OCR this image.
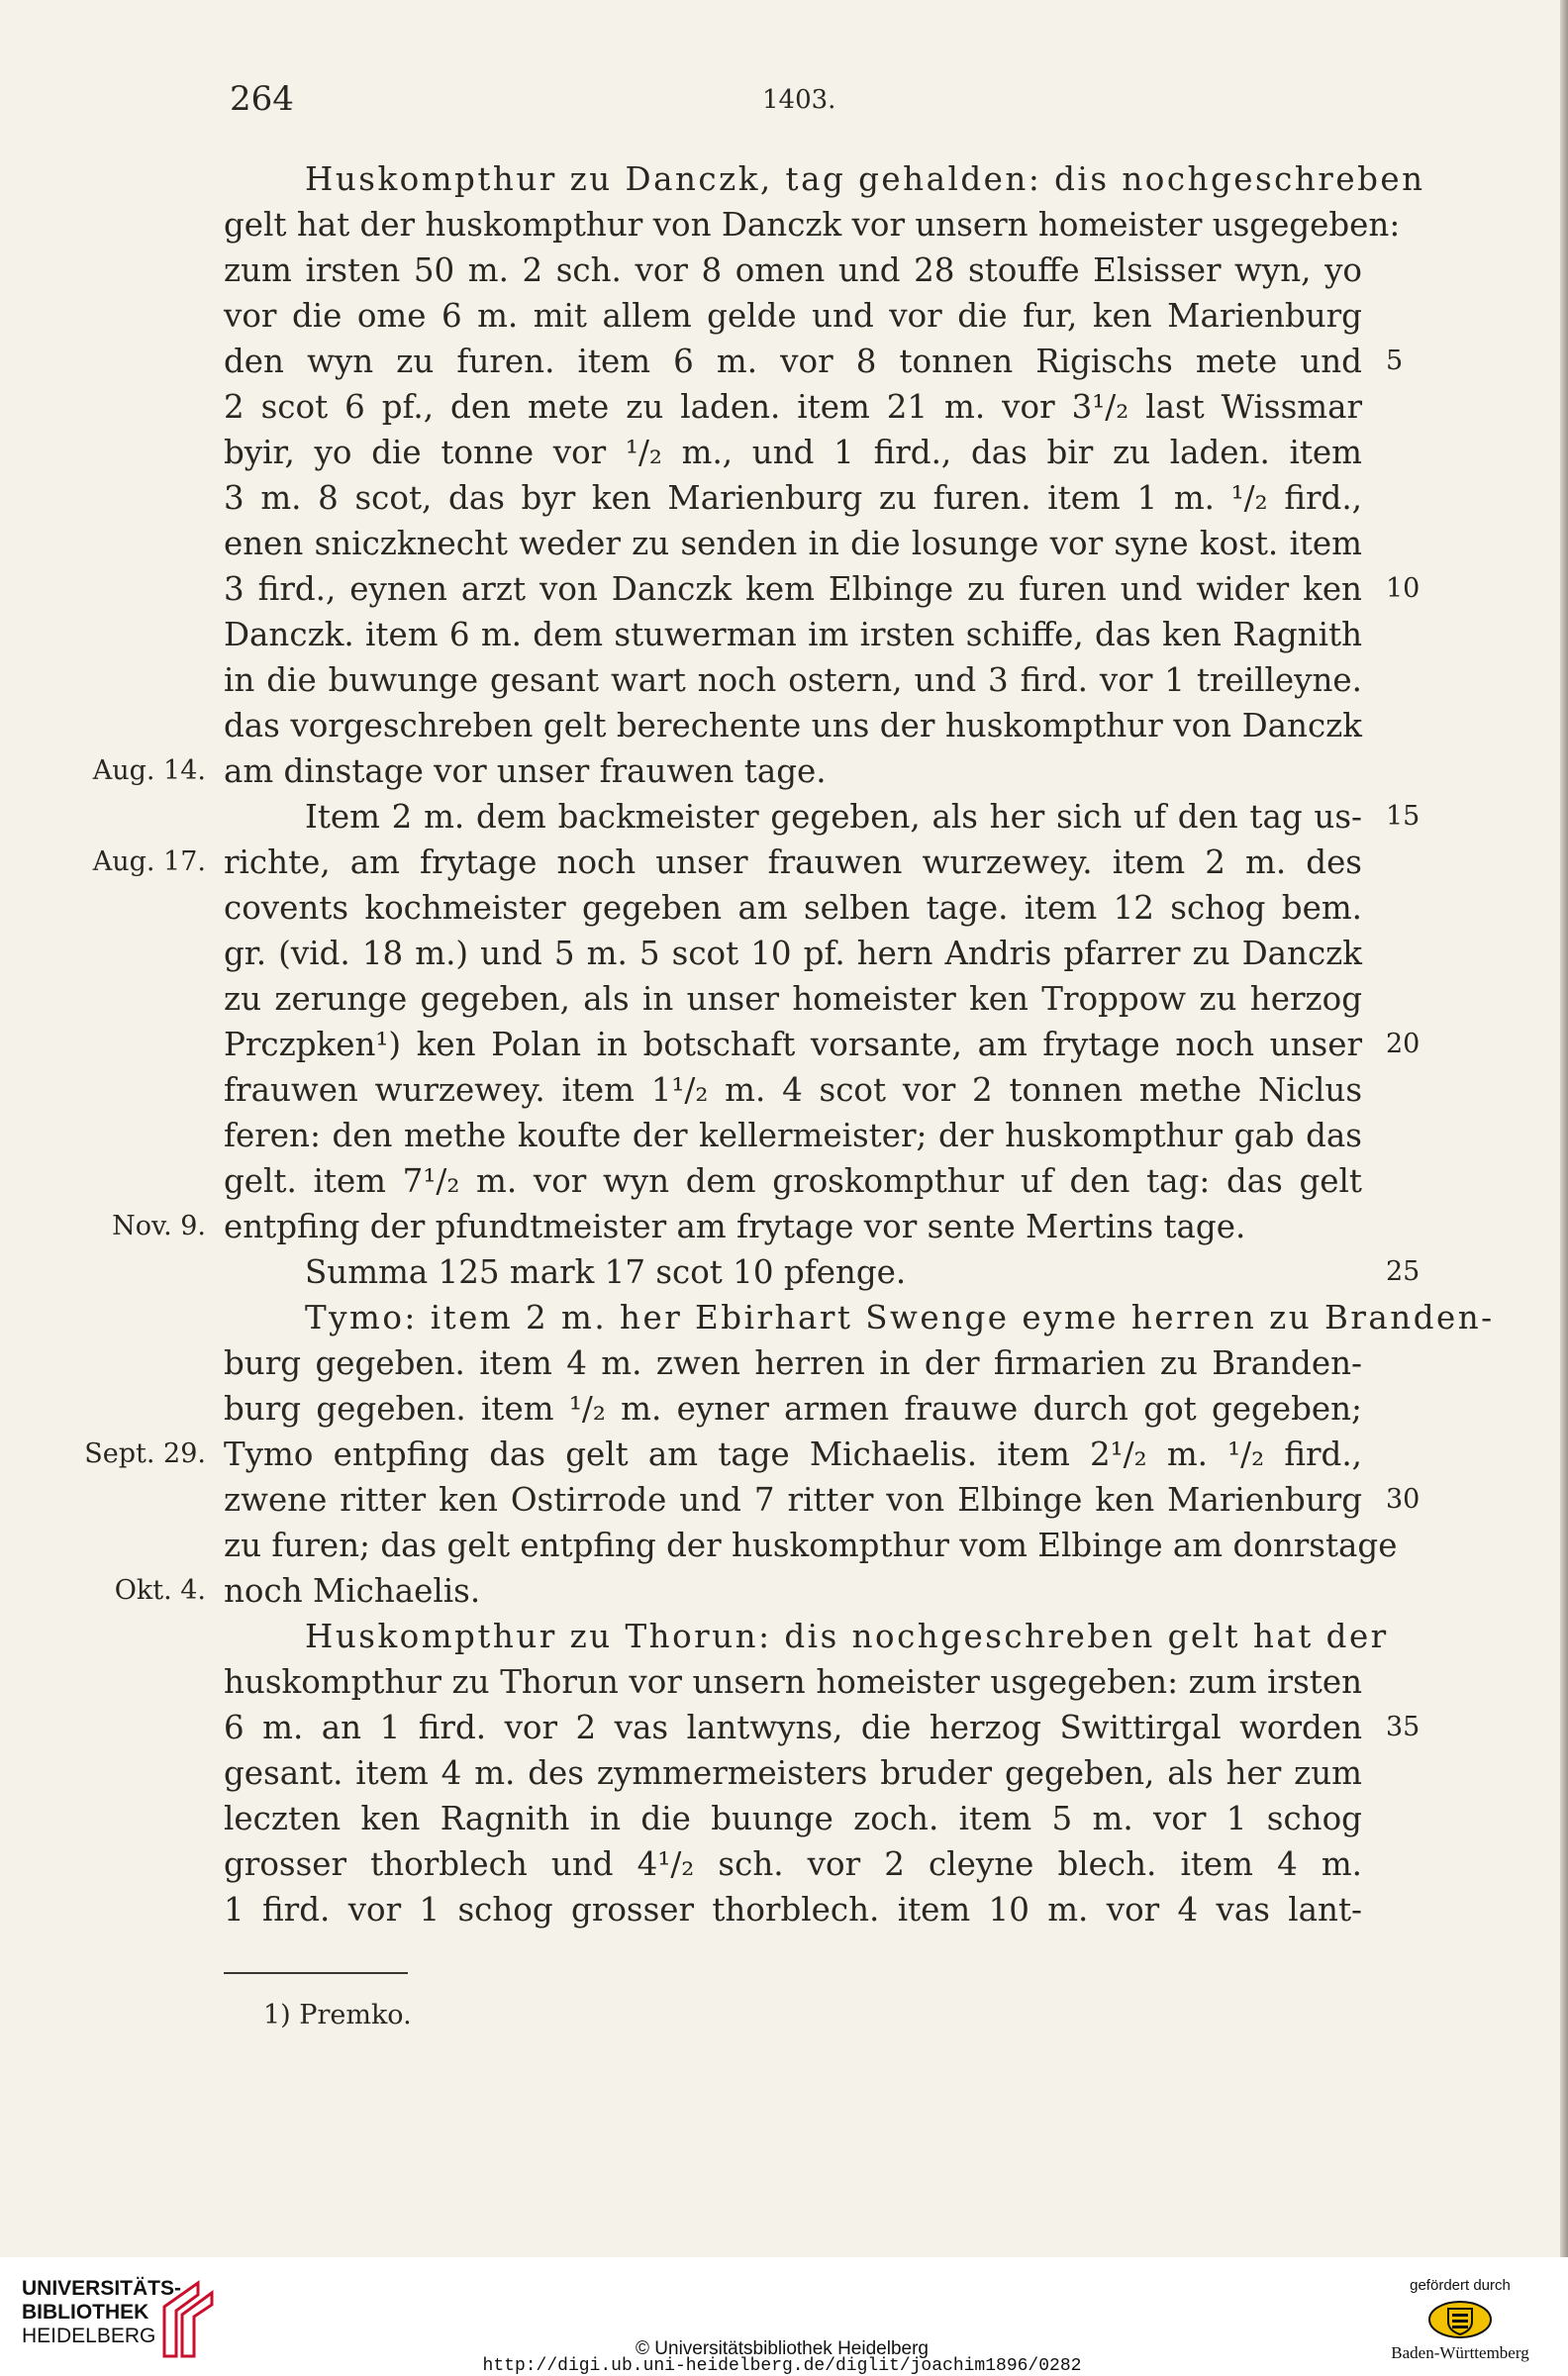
264	1403.
Huskompthur zu Danczk, tag gehalden: dis nochgeschreben
gelt hat der huskompthur von Danczk vor unsern homeister usgegeben:
zum irsten 50 m. 2 sch. vor 8 omen und 28 stouffe Elsisser wyn, yo
vor die ome 6 m. mit allem gelde und vor die fur, ken Marienburg
den wyn zu furen. item 6 m. vor 8 tonnen Rigischs mete und 5
2 scot 6 pf., den mete zu laden. item 21 m. vor 3¹/₂ last Wissmar
byir, yo die tonne vor ¹/₂ m., und 1 fird., das bir zu laden. item
3 m. 8 scot, das byr ken Marienburg zu furen. item 1 m. ¹/₂ fird.,
enen sniczknecht weder zu senden in die losunge vor syne kost. item
3 fird., eynen arzt von Danczk kem Elbinge zu furen und wider ken 10
Danczk. item 6 m. dem stuwerman im irsten schiffe, das ken Ragnith
in die buwunge gesant wart noch ostern, und 3 fird. vor 1 treilleyne.
das vorgeschreben gelt berechente uns der huskompthur von Danczk
Aug. 14. am dinstage vor unser frauwen tage.
Item 2 m. dem backmeister gegeben, als her sich uf den tag us- 15
Aug. 17. richte, am frytage noch unser frauwen wurzewey. item 2 m. des
covents kochmeister gegeben am selben tage. item 12 schog bem.
gr. (vid. 18 m.) und 5 m. 5 scot 10 pf. hern Andris pfarrer zu Danczk
zu zerunge gegeben, als in unser homeister ken Troppow zu herzog
Prczpken¹) ken Polan in botschaft vorsante, am frytage noch unser 20
frauwen wurzewey. item 1¹/₂ m. 4 scot vor 2 tonnen methe Niclus
feren: den methe koufte der kellermeister; der huskompthur gab das
gelt. item 7¹/₂ m. vor wyn dem groskompthur uf den tag: das gelt
Nov. 9. entpfing der pfundtmeister am frytage vor sente Mertins tage.
Summa 125 mark 17 scot 10 pfenge.	25
Tymo: item 2 m. her Ebirhart Swenge eyme herren zu Branden-
burg gegeben. item 4 m. zwen herren in der firmarien zu Branden-
burg gegeben. item ¹/₂ m. eyner armen frauwe durch got gegeben;
Sept. 29. Tymo entpfing das gelt am tage Michaelis. item 2¹/₂ m. ¹/₂ fird.,
zwene ritter ken Ostirrode und 7 ritter von Elbinge ken Marienburg 30
zu furen; das gelt entpfing der huskompthur vom Elbinge am donrstage
Okt. 4. noch Michaelis.
Huskompthur zu Thorun: dis nochgeschreben gelt hat der
huskompthur zu Thorun vor unsern homeister usgegeben: zum irsten
6 m. an 1 fird. vor 2 vas lantwyns, die herzog Swittirgal worden 35
gesant. item 4 m. des zymmermeisters bruder gegeben, als her zum
leczten ken Ragnith in die buunge zoch. item 5 m. vor 1 schog
grosser thorblech und 4¹/₂ sch. vor 2 cleyne blech. item 4 m.
1 fird. vor 1 schog grosser thorblech. item 10 m. vor 4 vas lant-
1) Premko.
UNIVERSITÄTS-
BIBLIOTHEK
HEIDELBERG
© Universitätsbibliothek Heidelberg
http://digi.ub.uni-heidelberg.de/diglit/joachim1896/0282
gefördert durch
Baden-Württemberg
